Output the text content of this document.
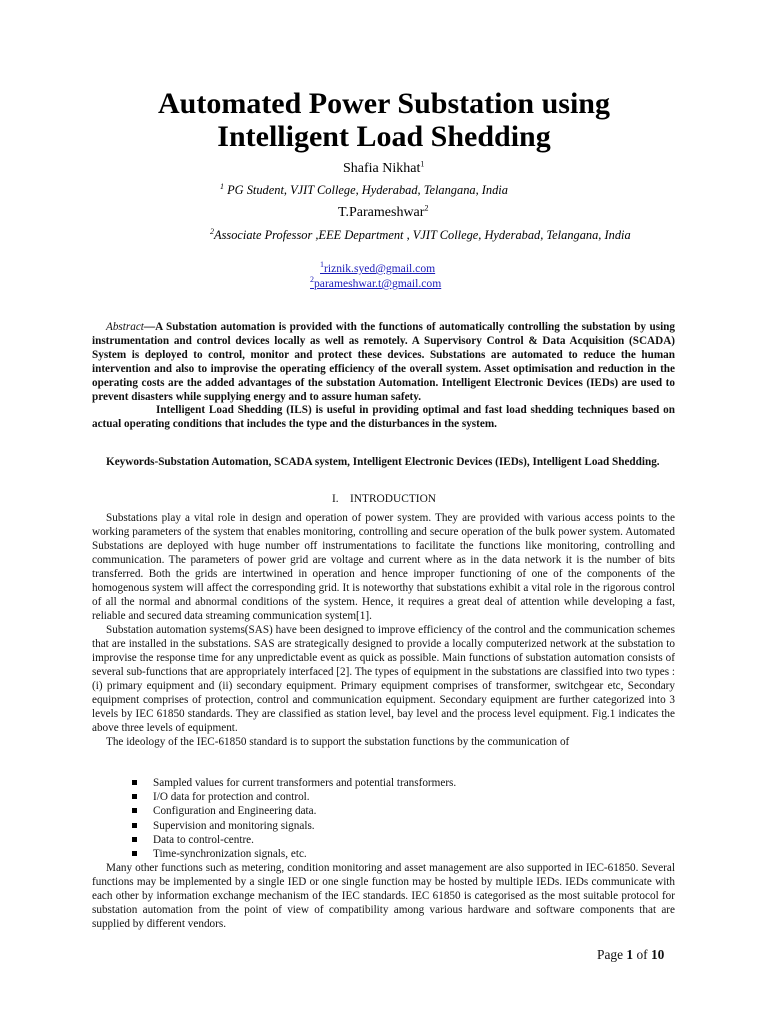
Automated Power Substation using
Intelligent Load Shedding
Shafia Nikhat$^1$
$^1$ PG Student, VJIT College, Hyderabad, Telangana, India
T.Parameshwar$^2$
$^2$Associate Professor ,EEE Department , VJIT College, Hyderabad, Telangana, India
$^1$riznik.syed@gmail.com
$^2$parameshwar.t@gmail.com

Abstract—A Substation automation is provided with the functions of automatically controlling the substation by using instrumentation and control devices locally as well as remotely. A Supervisory Control & Data Acquisition (SCADA) System is deployed to control, monitor and protect these devices. Substations are automated to reduce the human intervention and also to improvise the operating efficiency of the overall system. Asset optimisation and reduction in the operating costs are the added advantages of the substation Automation. Intelligent Electronic Devices (IEDs) are used to prevent disasters while supplying energy and to assure human safety.
Intelligent Load Shedding (ILS) is useful in providing optimal and fast load shedding techniques based on actual operating conditions that includes the type and the disturbances in the system.

Keywords-Substation Automation, SCADA system, Intelligent Electronic Devices (IEDs), Intelligent Load Shedding.

I.    INTRODUCTION

Substations play a vital role in design and operation of power system. They are provided with various access points to the working parameters of the system that enables monitoring, controlling and secure operation of the bulk power system. Automated Substations are deployed with huge number off instrumentations to facilitate the functions like monitoring, controlling and communication. The parameters of power grid are voltage and current where as in the data network it is the number of bits transferred. Both the grids are intertwined in operation and hence improper functioning of one of the components of the homogenous system will affect the corresponding grid. It is noteworthy that substations exhibit a vital role in the rigorous control of all the normal and abnormal conditions of the system. Hence, it requires a great deal of attention while developing a fast, reliable and secured data streaming communication system[1].

Substation automation systems(SAS) have been designed to improve efficiency of the control and the communication schemes that are installed in the substations. SAS are strategically designed to provide a locally computerized network at the substation to improvise the response time for any unpredictable event as quick as possible. Main functions of substation automation consists of several sub-functions that are appropriately interfaced [2]. The types of equipment in the substations are classified into two types : (i) primary equipment and (ii) secondary equipment. Primary equipment comprises of transformer, switchgear etc, Secondary equipment comprises of protection, control and communication equipment. Secondary equipment are further categorized into 3 levels by IEC 61850 standards. They are classified as station level, bay level and the process level equipment. Fig.1 indicates the above three levels of equipment.

The ideology of the IEC-61850 standard is to support the substation functions by the communication of

Sampled values for current transformers and potential transformers.
I/O data for protection and control.
Configuration and Engineering data.
Supervision and monitoring signals.
Data to control-centre.
Time-synchronization signals, etc.

Many other functions such as metering, condition monitoring and asset management are also supported in IEC-61850. Several functions may be implemented by a single IED or one single function may be hosted by multiple IEDs. IEDs communicate with each other by information exchange mechanism of the IEC standards. IEC 61850 is categorised as the most suitable protocol for substation automation from the point of view of compatibility among various hardware and software components that are supplied by different vendors.

Page 1 of 10
